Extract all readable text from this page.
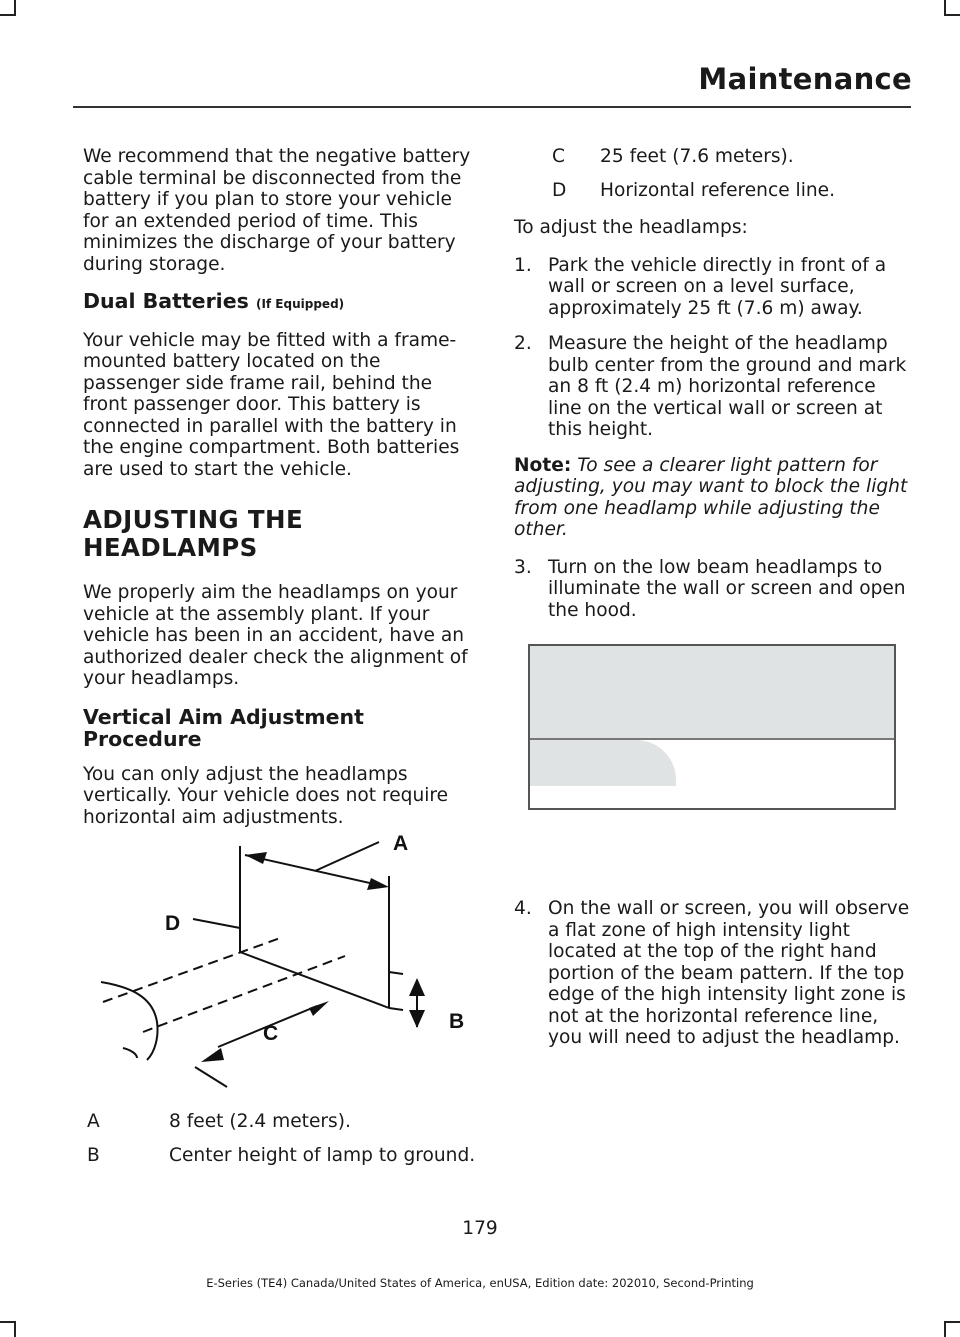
Maintenance

We recommend that the negative battery cable terminal be disconnected from the battery if you plan to store your vehicle for an extended period of time. This minimizes the discharge of your battery during storage.

Dual Batteries (If Equipped)

Your vehicle may be fitted with a frame-mounted battery located on the passenger side frame rail, behind the front passenger door. This battery is connected in parallel with the battery in the engine compartment. Both batteries are used to start the vehicle.

ADJUSTING THE HEADLAMPS

We properly aim the headlamps on your vehicle at the assembly plant. If your vehicle has been in an accident, have an authorized dealer check the alignment of your headlamps.

Vertical Aim Adjustment Procedure

You can only adjust the headlamps vertically. Your vehicle does not require horizontal aim adjustments.

A
D
B
C
A	8 feet (2.4 meters).
B	Center height of lamp to ground.
C	25 feet (7.6 meters).
D	Horizontal reference line.

To adjust the headlamps:

1. Park the vehicle directly in front of a wall or screen on a level surface, approximately 25 ft (7.6 m) away.
2. Measure the height of the headlamp bulb center from the ground and mark an 8 ft (2.4 m) horizontal reference line on the vertical wall or screen at this height.

Note: To see a clearer light pattern for adjusting, you may want to block the light from one headlamp while adjusting the other.

3. Turn on the low beam headlamps to illuminate the wall or screen and open the hood.
4. On the wall or screen, you will observe a flat zone of high intensity light located at the top of the right hand portion of the beam pattern. If the top edge of the high intensity light zone is not at the horizontal reference line, you will need to adjust the headlamp.
179
E-Series (TE4) Canada/United States of America, enUSA, Edition date: 202010, Second-Printing
